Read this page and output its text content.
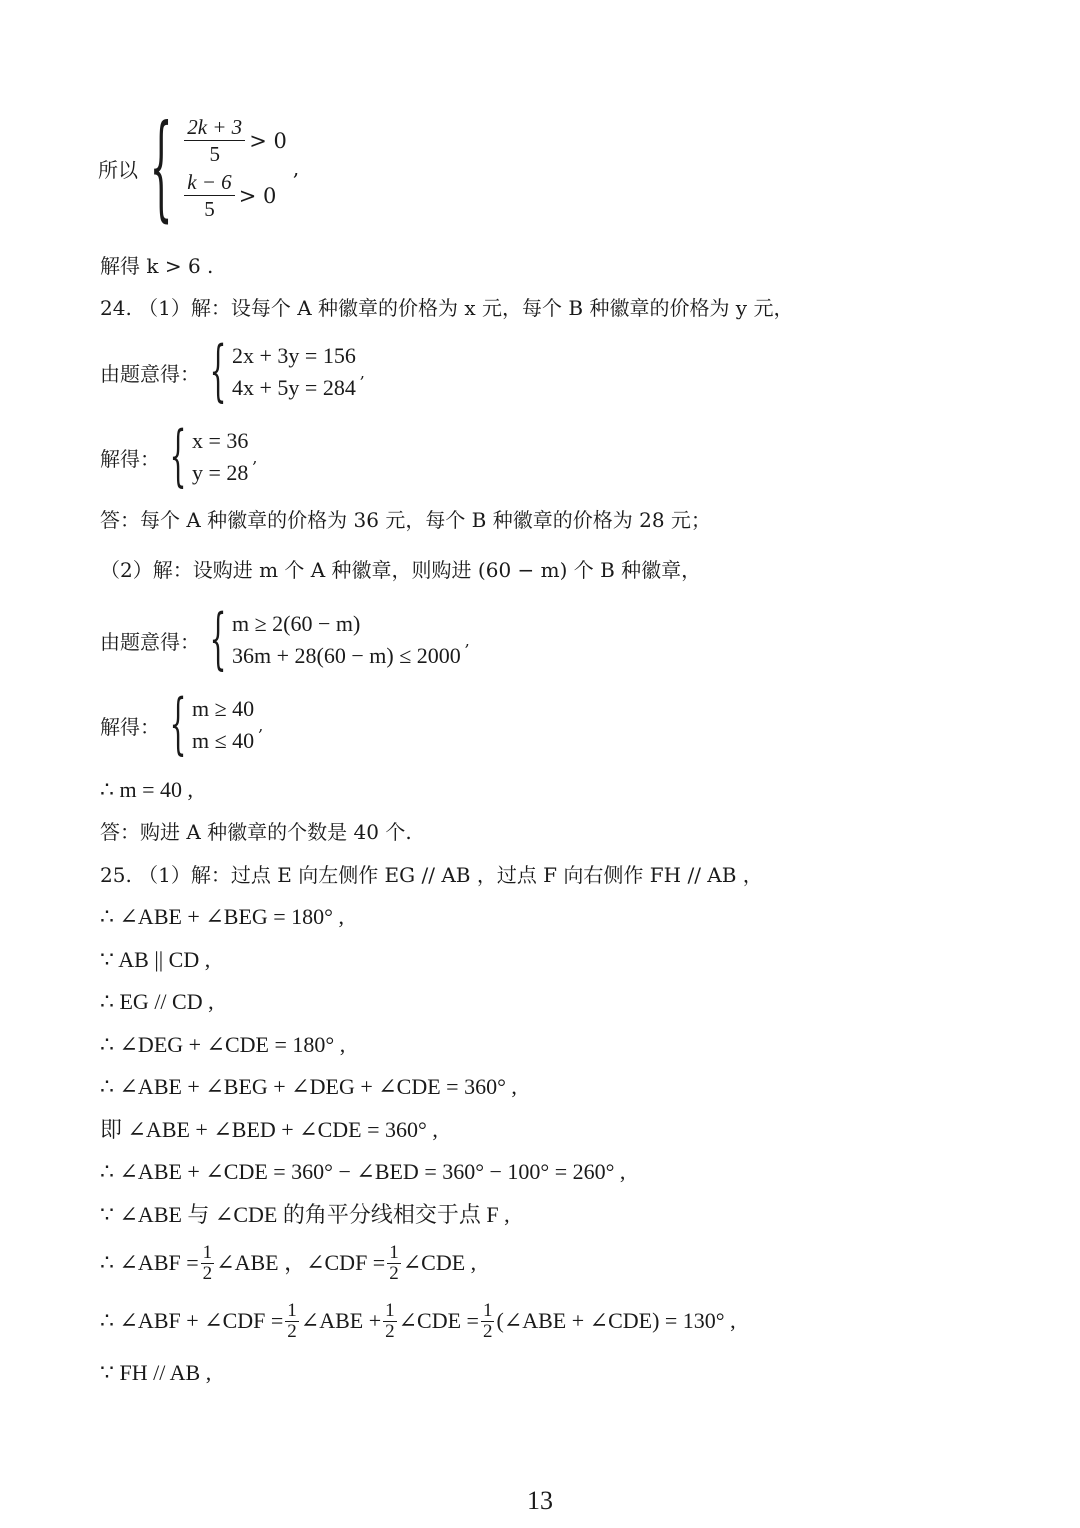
所以 { $\frac{2k + 3}{5} > 0$
$\frac{k - 6}{5} > 0$
,
解得 k > 6 .
24. （1）解：设每个 A 种徽章的价格为 x 元，每个 B 种徽章的价格为 y 元，
由题意得： { 2x + 3y = 156
4x + 5y = 284
,
解得： { x = 36
y = 28
,
答：每个 A 种徽章的价格为 36 元，每个 B 种徽章的价格为 28 元；
（2）解：设购进 m 个 A 种徽章，则购进 (60 − m) 个 B 种徽章，
由题意得： { m ≥ 2(60 − m)
36m + 28(60 − m) ≤ 2000
,
解得： { m ≥ 40
m ≤ 40
,
∴ m = 40 ,
答：购进 A 种徽章的个数是 40 个.
25. （1）解：过点 E 向左侧作 EG // AB ，过点 F 向右侧作 FH // AB ，
∴ ∠ABE + ∠BEG = 180° ,
∵ AB || CD ,
∴ EG // CD ,
∴ ∠DEG + ∠CDE = 180° ,
∴ ∠ABE + ∠BEG + ∠DEG + ∠CDE = 360° ,
即 ∠ABE + ∠BED + ∠CDE = 360° ,
∴ ∠ABE + ∠CDE = 360° − ∠BED = 360° − 100° = 260° ,
∵ ∠ABE 与 ∠CDE 的角平分线相交于点 F ,
∴ ∠ABF = $\frac{1}{2}$ ∠ABE ，∠CDF = $\frac{1}{2}$ ∠CDE ,
∴ ∠ABF + ∠CDF = $\frac{1}{2}$ ∠ABE + $\frac{1}{2}$ ∠CDE = $\frac{1}{2}$ (∠ABE + ∠CDE) = 130° ,
∵ FH // AB ,
13
